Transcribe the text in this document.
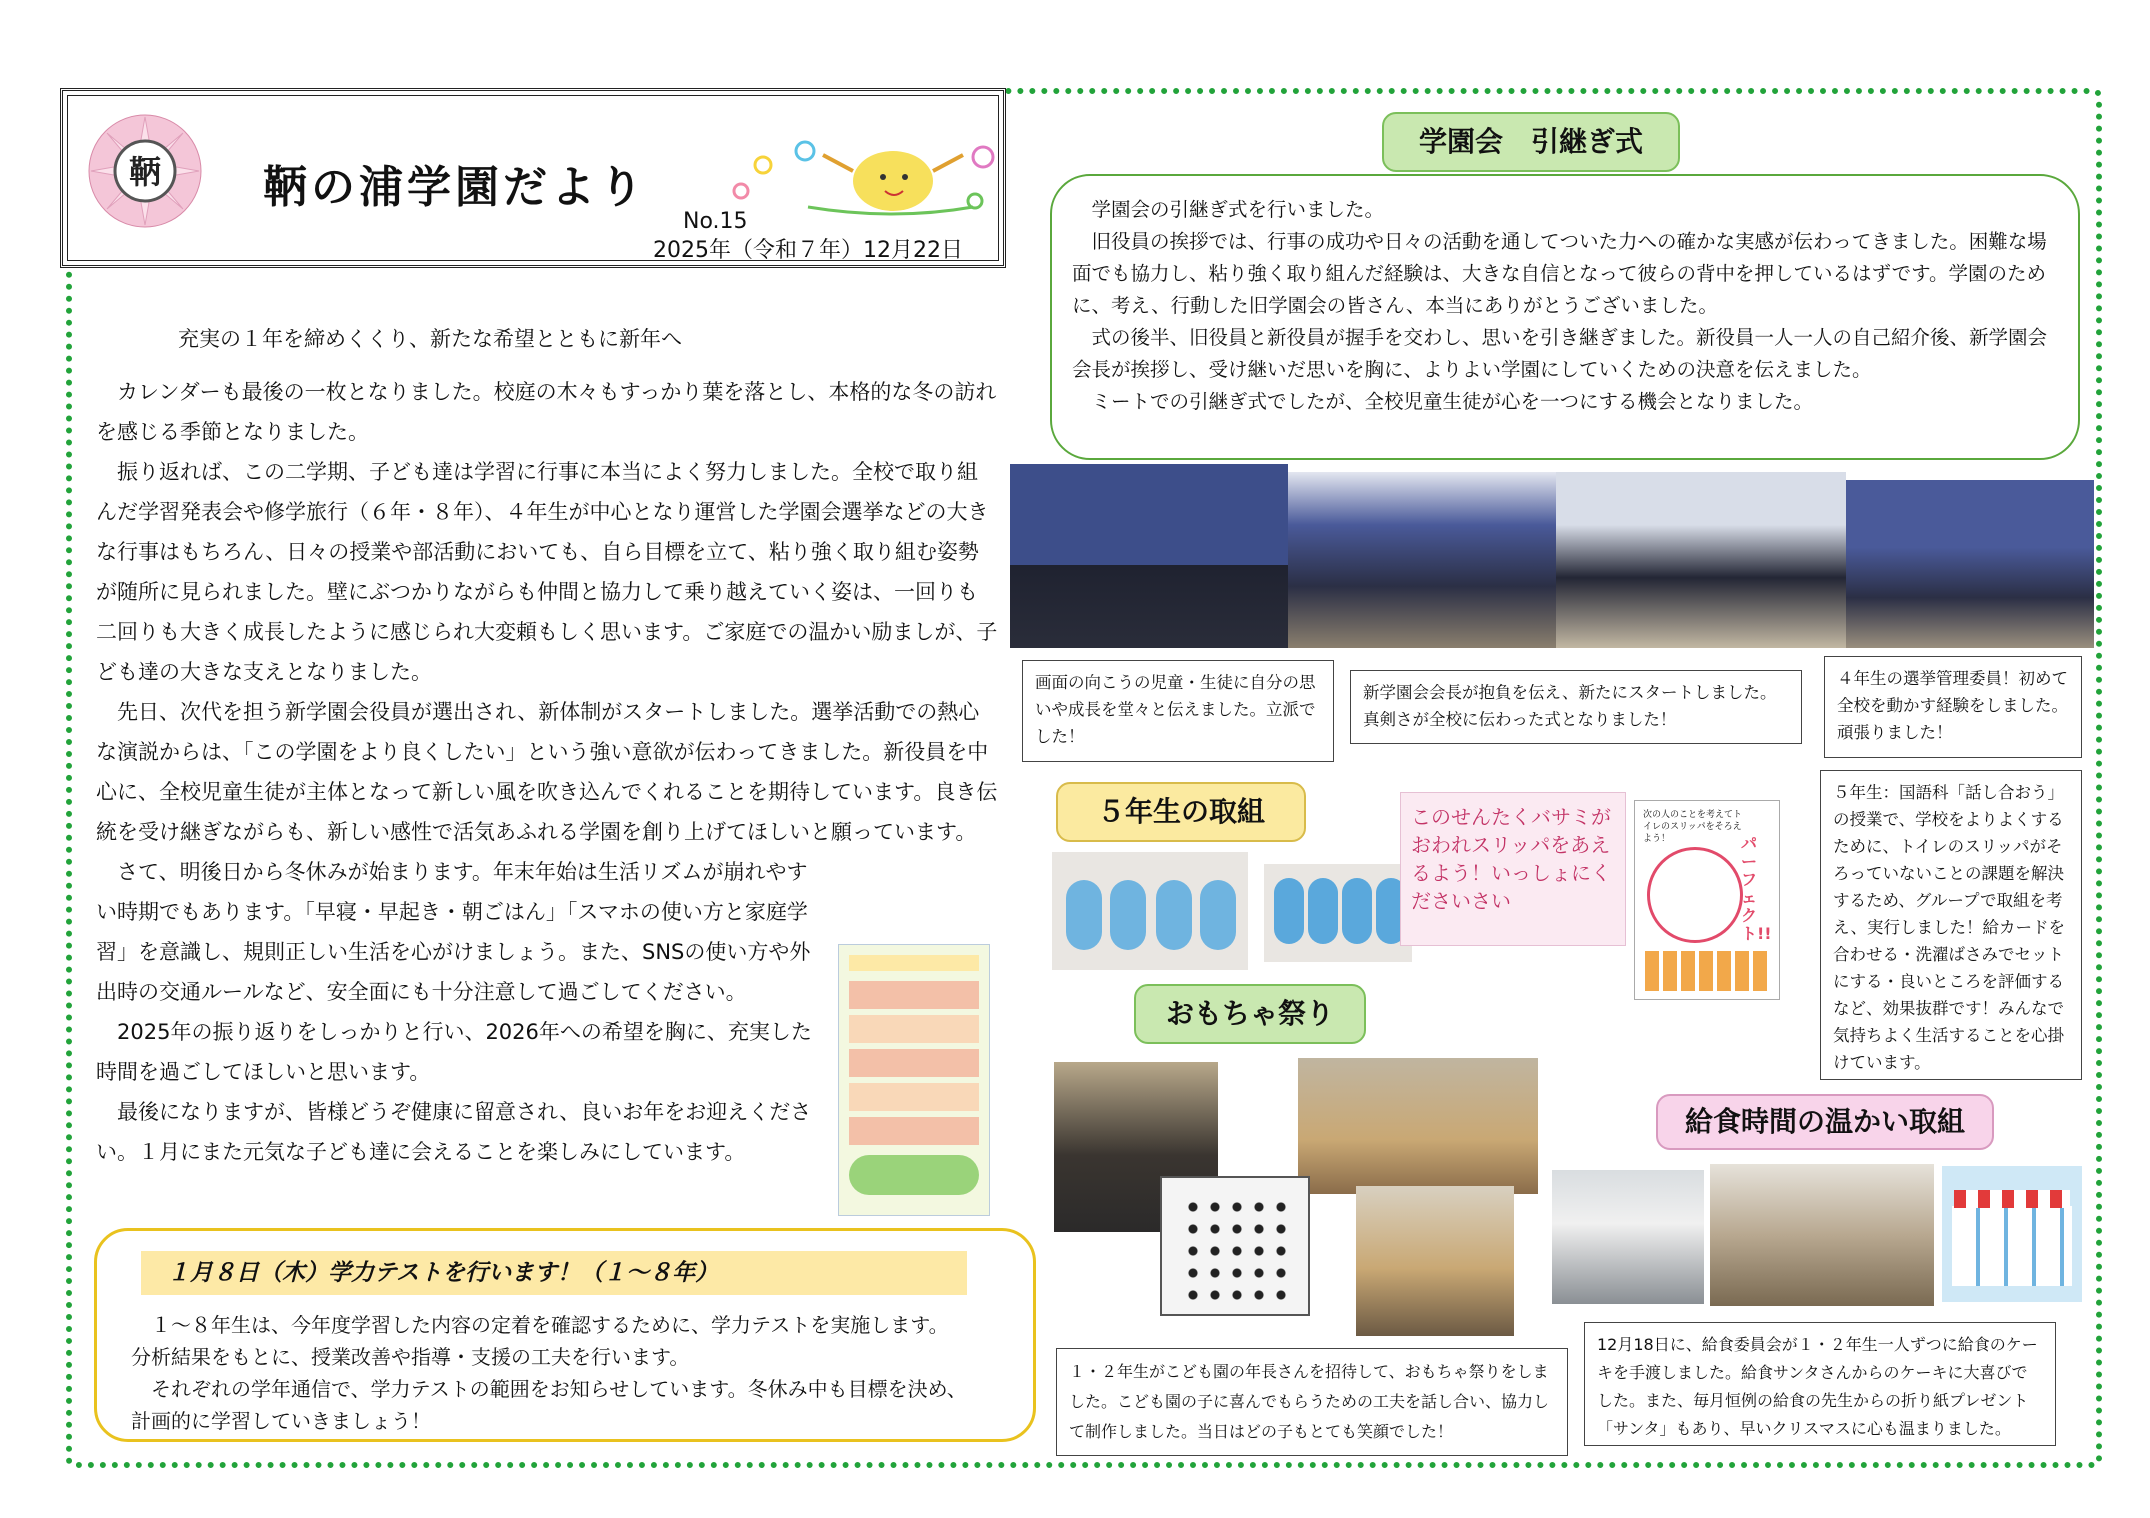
鞆 鞆の浦学園だより
No.15
2025年（令和７年）12月22日
充実の１年を締めくくり、新たな希望とともに新年へ

カレンダーも最後の一枚となりました。校庭の木々もすっかり葉を落とし、本格的な冬の訪れを感じる季節となりました。

振り返れば、この二学期、子ども達は学習に行事に本当によく努力しました。全校で取り組んだ学習発表会や修学旅行（６年・８年）、４年生が中心となり運営した学園会選挙などの大きな行事はもちろん、日々の授業や部活動においても、自ら目標を立て、粘り強く取り組む姿勢が随所に見られました。壁にぶつかりながらも仲間と協力して乗り越えていく姿は、一回りも二回りも大きく成長したように感じられ大変頼もしく思います。ご家庭での温かい励ましが、子ども達の大きな支えとなりました。

先日、次代を担う新学園会役員が選出され、新体制がスタートしました。選挙活動での熱心な演説からは、「この学園をより良くしたい」という強い意欲が伝わってきました。新役員を中心に、全校児童生徒が主体となって新しい風を吹き込んでくれることを期待しています。良き伝統を受け継ぎながらも、新しい感性で活気あふれる学園を創り上げてほしいと願っています。

さて、明後日から冬休みが始まります。年末年始は生活リズムが崩れやすい時期でもあります。「早寝・早起き・朝ごはん」「スマホの使い方と家庭学習」を意識し、規則正しい生活を心がけましょう。また、SNSの使い方や外出時の交通ルールなど、安全面にも十分注意して過ごしてください。

2025年の振り返りをしっかりと行い、2026年への希望を胸に、充実した時間を過ごしてほしいと思います。

最後になりますが、皆様どうぞ健康に留意され、良いお年をお迎えください。１月にまた元気な子ども達に会えることを楽しみにしています。

１月８日（木）学力テストを行います！（１～８年）

１～８年生は、今年度学習した内容の定着を確認するために、学力テストを実施します。

分析結果をもとに、授業改善や指導・支援の工夫を行います。

それぞれの学年通信で、学力テストの範囲をお知らせしています。冬休み中も目標を決め、

計画的に学習していきましょう！

学園会　引継ぎ式

学園会の引継ぎ式を行いました。

旧役員の挨拶では、行事の成功や日々の活動を通してついた力への確かな実感が伝わってきました。困難な場面でも協力し、粘り強く取り組んだ経験は、大きな自信となって彼らの背中を押しているはずです。学園のために、考え、行動した旧学園会の皆さん、本当にありがとうございました。

式の後半、旧役員と新役員が握手を交わし、思いを引き継ぎました。新役員一人一人の自己紹介後、新学園会会長が挨拶し、受け継いだ思いを胸に、よりよい学園にしていくための決意を伝えました。

ミートでの引継ぎ式でしたが、全校児童生徒が心を一つにする機会となりました。

画面の向こうの児童・生徒に自分の思いや成長を堂々と伝えました。立派でした！
新学園会会長が抱負を伝え、新たにスタートしました。真剣さが全校に伝わった式となりました！
４年生の選挙管理委員！初めて全校を動かす経験をしました。頑張りました！
５年生の取組	このせんたくバサミがおわれスリッパをあえるよう！いっしょにくださいさい
次の人のことを考えてトイレのスリッパをそろえよう！	パーフェクト!!
５年生：国語科「話し合おう」の授業で、学校をよりよくするために、トイレのスリッパがそろっていないことの課題を解決するため、グループで取組を考え、実行しました！給カードを合わせる・洗濯ばさみでセットにする・良いところを評価するなど、効果抜群です！みんなで気持ちよく生活することを心掛けています。
おもちゃ祭り
１・２年生がこども園の年長さんを招待して、おもちゃ祭りをしました。こども園の子に喜んでもらうための工夫を話し合い、協力して制作しました。当日はどの子もとても笑顔でした！
給食時間の温かい取組
12月18日に、給食委員会が１・２年生一人ずつに給食のケーキを手渡しました。給食サンタさんからのケーキに大喜びでした。また、毎月恒例の給食の先生からの折り紙プレゼント「サンタ」もあり、早いクリスマスに心も温まりました。
